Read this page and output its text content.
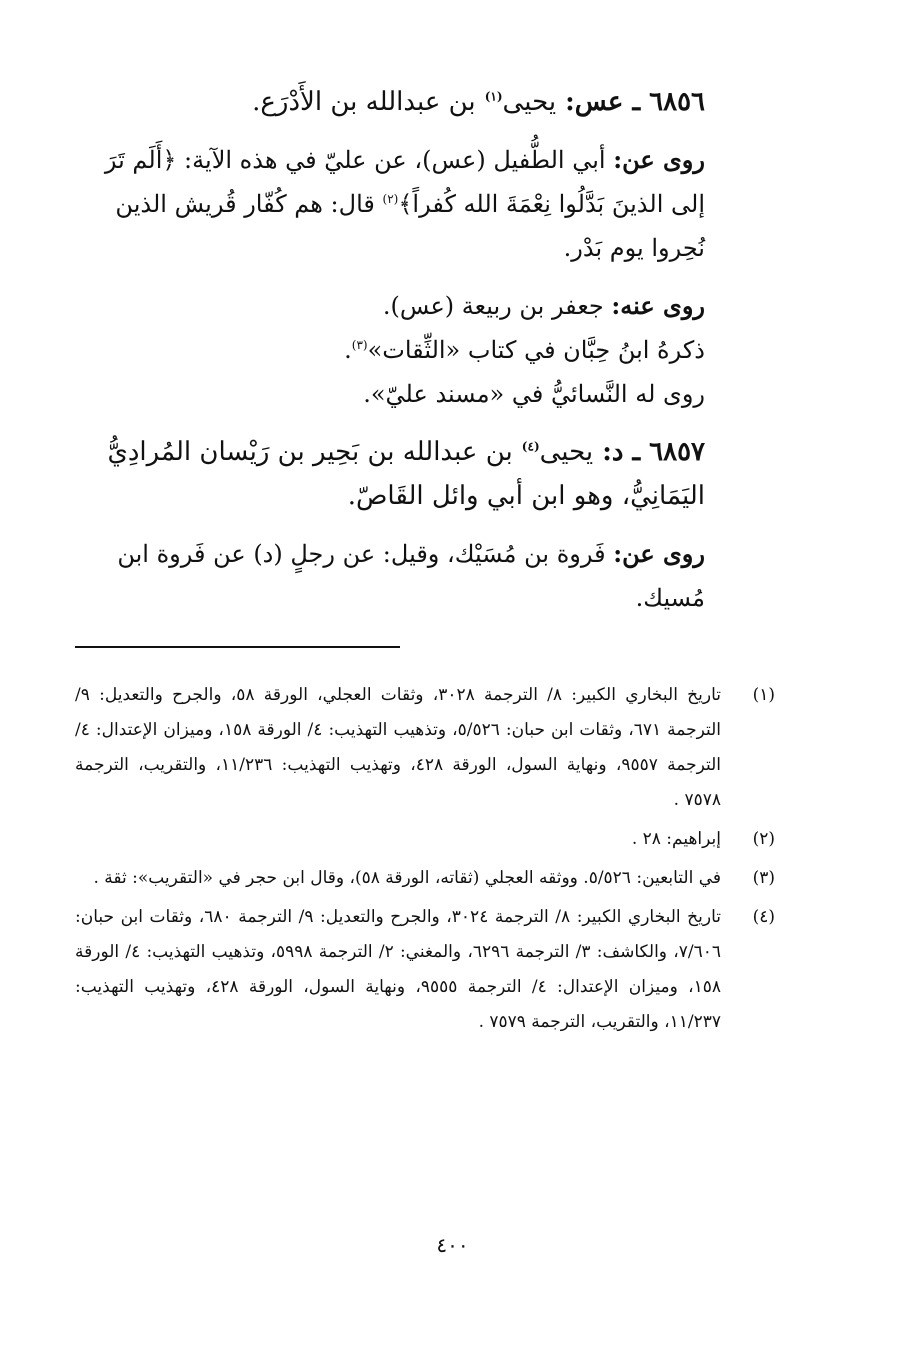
٦٨٥٦ ـ عس: يحيى$^{(١)}$ بن عبدالله بن الأَدْرَع.

روى عن: أبي الطُّفيل (عس)، عن عليّ في هذه الآية: ﴿أَلَم تَرَ إلى الذينَ بَدَّلُوا نِعْمَةَ الله كُفراً﴾$^{(٢)}$ قال: هم كُفّار قُريش الذين نُحِروا يوم بَدْر.

روى عنه: جعفر بن ربيعة (عس).
ذكرهُ ابنُ حِبَّان في كتاب «الثِّقات»$^{(٣)}$.
روى له النَّسائيُّ في «مسند عليّ».
٦٨٥٧ ـ د: يحيى$^{(٤)}$ بن عبدالله بن بَحِير بن رَيْسان المُرادِيُّ اليَمَانِيُّ، وهو ابن أبي وائل القَاصّ.

روى عن: فَروة بن مُسَيْك، وقيل: عن رجلٍ (د) عن فَروة ابن مُسيك.

(١)
تاريخ البخاري الكبير: ٨/ الترجمة ٣٠٢٨، وثقات العجلي، الورقة ٥٨، والجرح والتعديل: ٩/ الترجمة ٦٧١، وثقات ابن حبان: ٥/٥٢٦، وتذهيب التهذيب: ٤/ الورقة ١٥٨، وميزان الإعتدال: ٤/ الترجمة ٩٥٥٧، ونهاية السول، الورقة ٤٢٨، وتهذيب التهذيب: ١١/٢٣٦، والتقريب، الترجمة ٧٥٧٨ .
(٢)
إبراهيم: ٢٨ .
(٣)
في التابعين: ٥/٥٢٦. ووثقه العجلي (ثقاته، الورقة ٥٨)، وقال ابن حجر في «التقريب»: ثقة .
(٤)
تاريخ البخاري الكبير: ٨/ الترجمة ٣٠٢٤، والجرح والتعديل: ٩/ الترجمة ٦٨٠، وثقات ابن حبان: ٧/٦٠٦، والكاشف: ٣/ الترجمة ٦٢٩٦، والمغني: ٢/ الترجمة ٥٩٩٨، وتذهيب التهذيب: ٤/ الورقة ١٥٨، وميزان الإعتدال: ٤/ الترجمة ٩٥٥٥، ونهاية السول، الورقة ٤٢٨، وتهذيب التهذيب: ١١/٢٣٧، والتقريب، الترجمة ٧٥٧٩ .
٤٠٠
